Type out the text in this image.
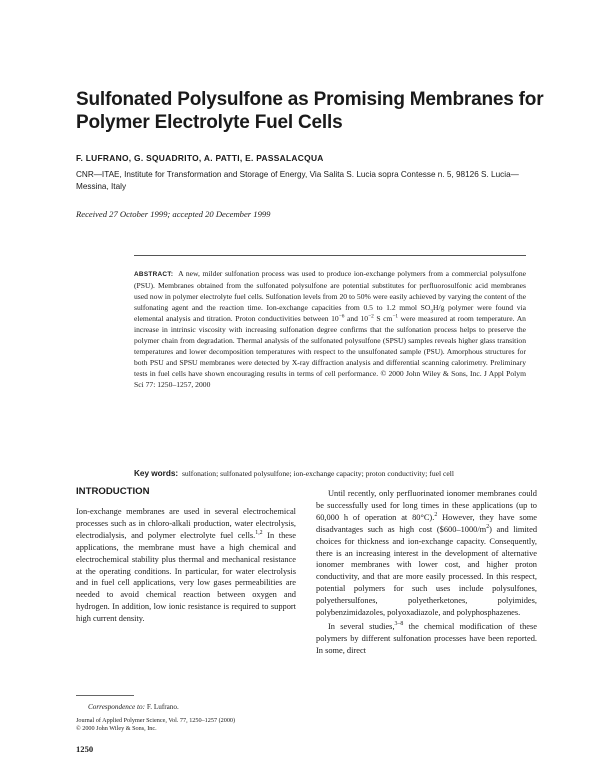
Sulfonated Polysulfone as Promising Membranes for Polymer Electrolyte Fuel Cells
F. LUFRANO, G. SQUADRITO, A. PATTI, E. PASSALACQUA
CNR—ITAE, Institute for Transformation and Storage of Energy, Via Salita S. Lucia sopra Contesse n. 5, 98126 S. Lucia—Messina, Italy
Received 27 October 1999; accepted 20 December 1999
ABSTRACT: A new, milder sulfonation process was used to produce ion-exchange polymers from a commercial polysulfone (PSU). Membranes obtained from the sulfonated polysulfone are potential substitutes for perfluorosulfonic acid membranes used now in polymer electrolyte fuel cells. Sulfonation levels from 20 to 50% were easily achieved by varying the content of the sulfonating agent and the reaction time. Ion-exchange capacities from 0.5 to 1.2 mmol $SO_3H/g$ polymer were found via elemental analysis and titration. Proton conductivities between $10^{-6}$ and $10^{-2}$ S $cm^{-1}$ were measured at room temperature. An increase in intrinsic viscosity with increasing sulfonation degree confirms that the sulfonation process helps to preserve the polymer chain from degradation. Thermal analysis of the sulfonated polysulfone (SPSU) samples reveals higher glass transition temperatures and lower decomposition temperatures with respect to the unsulfonated sample (PSU). Amorphous structures for both PSU and SPSU membranes were detected by X-ray diffraction analysis and differential scanning calorimetry. Preliminary tests in fuel cells have shown encouraging results in terms of cell performance. © 2000 John Wiley & Sons, Inc. J Appl Polym Sci 77: 1250–1257, 2000
Key words: sulfonation; sulfonated polysulfone; ion-exchange capacity; proton conductivity; fuel cell
INTRODUCTION

Ion-exchange membranes are used in several electrochemical processes such as in chloro-alkali production, water electrolysis, electrodialysis, and polymer electrolyte fuel cells.$^{1,2}$ In these applications, the membrane must have a high chemical and electrochemical stability plus thermal and mechanical resistance at the operating conditions. In particular, for water electrolysis and in fuel cell applications, very low gases permeabilities are needed to avoid chemical reaction between oxygen and hydrogen. In addition, low ionic resistance is required to support high current density.

Until recently, only perfluorinated ionomer membranes could be successfully used for long times in these applications (up to 60,000 h of operation at 80°C).$^2$ However, they have some disadvantages such as high cost $(\$600-1000/m^2)$ and limited choices for thickness and ion-exchange capacity. Consequently, there is an increasing interest in the development of alternative ionomer membranes with lower cost, and higher proton conductivity, and that are more easily processed. In this respect, potential polymers for such uses include polysulfones, polyethersulfones, polyetherketones, polyimides, polybenzimidazoles, polyoxadiazole, and polyphosphazenes.

In several studies,$^{3-8}$ the chemical modification of these polymers by different sulfonation processes have been reported. In some, direct

Correspondence to: F. Lufrano.
Journal of Applied Polymer Science, Vol. 77, 1250–1257 (2000)
© 2000 John Wiley & Sons, Inc.
1250
